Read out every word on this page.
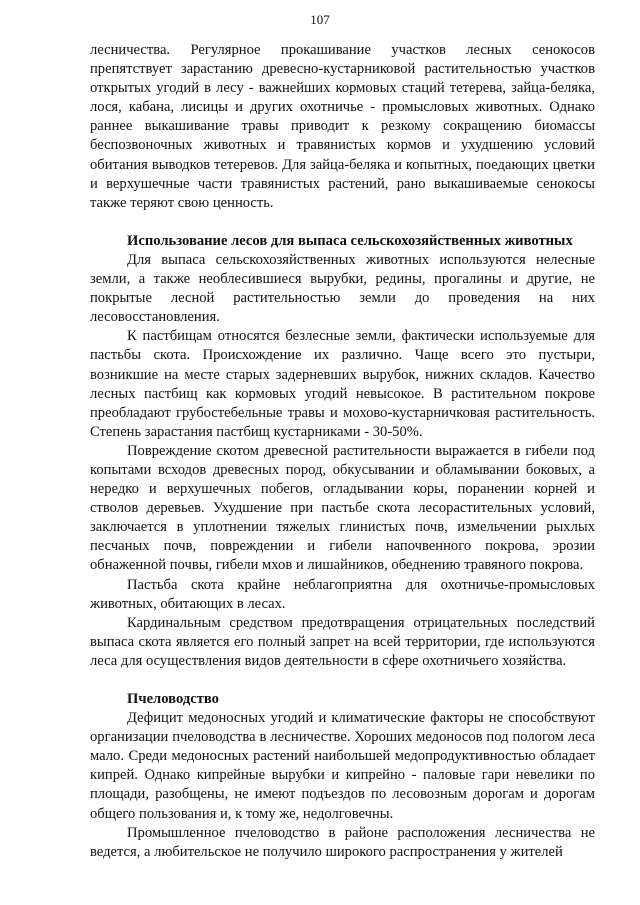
107

лесничества. Регулярное прокашивание участков лесных сенокосов препятствует зарастанию древесно-кустарниковой растительностью участков открытых угодий в лесу - важнейших кормовых стаций тетерева, зайца-беляка, лося, кабана, лисицы и других охотничье - промысловых животных. Однако раннее выкашивание травы приводит к резкому сокращению биомассы беспозвоночных животных и травянистых кормов и ухудшению условий обитания выводков тетеревов. Для зайца-беляка и копытных, поедающих цветки и верхушечные части травянистых растений, рано выкашиваемые сенокосы также теряют свою ценность.

Использование лесов для выпаса сельскохозяйственных животных

Для выпаса сельскохозяйственных животных используются нелесные земли, а также необлесившиеся вырубки, редины, прогалины и другие, не покрытые лесной растительностью земли до проведения на них лесовосстановления.

К пастбищам относятся безлесные земли, фактически используемые для пастьбы скота. Происхождение их различно. Чаще всего это пустыри, возникшие на месте старых задерневших вырубок, нижних складов. Качество лесных пастбищ как кормовых угодий невысокое. В растительном покрове преобладают грубостебельные травы и мохово-кустарничковая растительность. Степень зарастания пастбищ кустарниками - 30-50%.

Повреждение скотом древесной растительности выражается в гибели под копытами всходов древесных пород, обкусывании и обламывании боковых, а нередко и верхушечных побегов, огладывании коры, поранении корней и стволов деревьев. Ухудшение при пастьбе скота лесорастительных условий, заключается в уплотнении тяжелых глинистых почв, измельчении рыхлых песчаных почв, повреждении и гибели напочвенного покрова, эрозии обнаженной почвы, гибели мхов и лишайников, обеднению травяного покрова.

Пастьба скота крайне неблагоприятна для охотничье-промысловых животных, обитающих в лесах.

Кардинальным средством предотвращения отрицательных последствий выпаса скота является его полный запрет на всей территории, где используются леса для осуществления видов деятельности в сфере охотничьего хозяйства.

Пчеловодство

Дефицит медоносных угодий и климатические факторы не способствуют организации пчеловодства в лесничестве. Хороших медоносов под пологом леса мало. Среди медоносных растений наибольшей медопродуктивностью обладает кипрей. Однако кипрейные вырубки и кипрейно - паловые гари невелики по площади, разобщены, не имеют подъездов по лесовозным дорогам и дорогам общего пользования и, к тому же, недолговечны.

Промышленное пчеловодство в районе расположения лесничества не ведется, а любительское не получило широкого распространения у жителей
